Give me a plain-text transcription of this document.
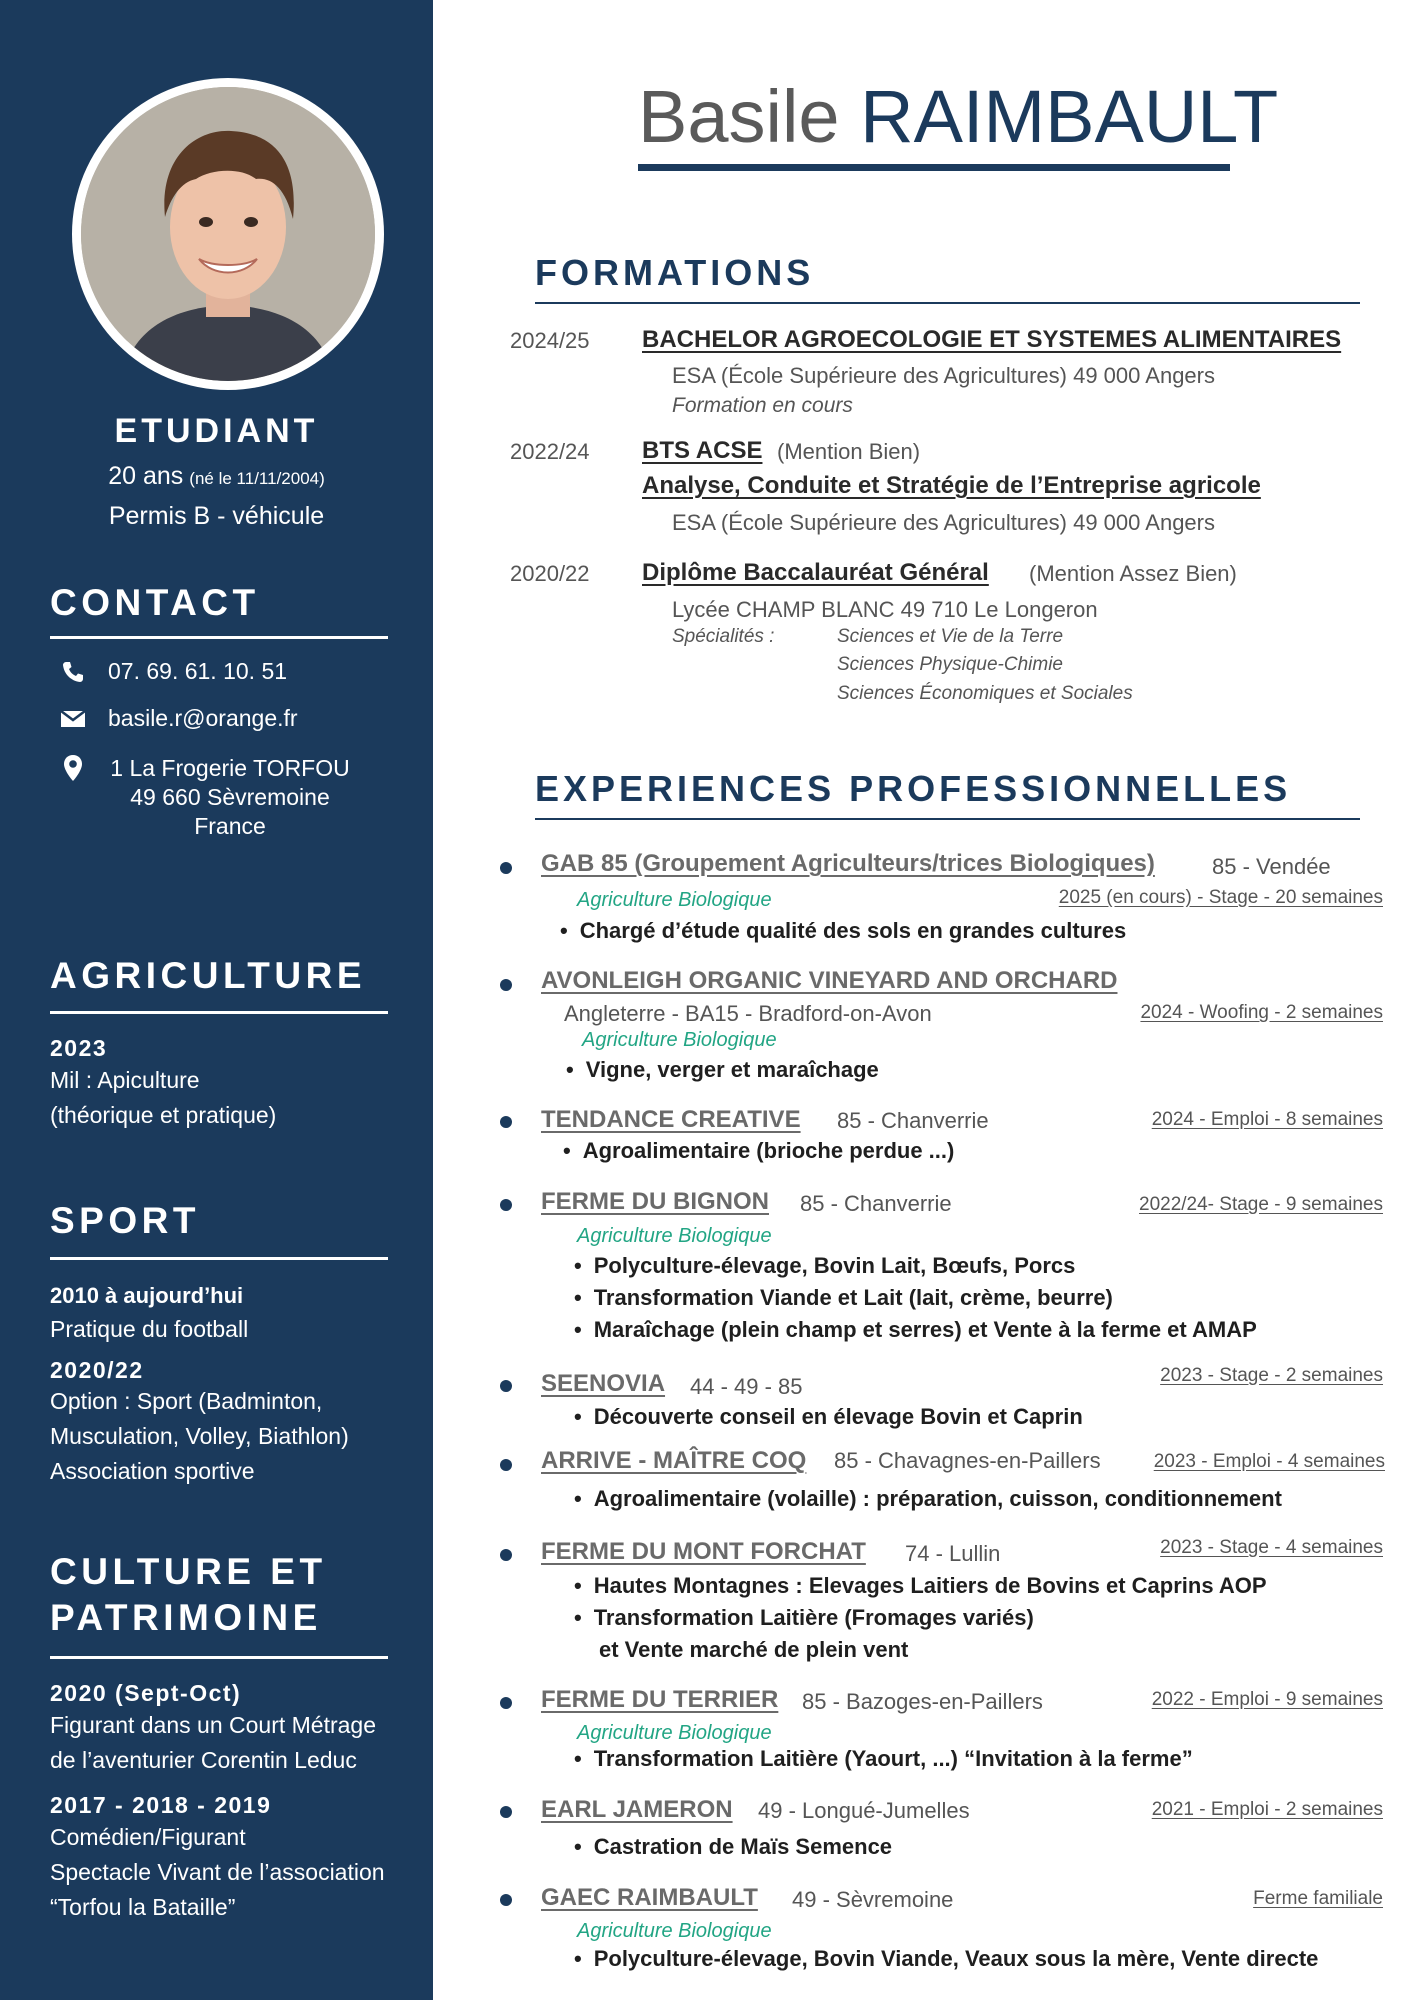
ETUDIANT
20 ans (né le 11/11/2004)
Permis B - véhicule
CONTACT
07. 69. 61. 10. 51
basile.r@orange.fr
1 La Frogerie TORFOU
49 660 Sèvremoine
France
AGRICULTURE
2023
Mil : Apiculture
(théorique et pratique)
SPORT
2010 à aujourd’hui
Pratique du football
2020/22
Option : Sport (Badminton,
Musculation, Volley, Biathlon)
Association sportive
CULTURE ET
PATRIMOINE
2020 (Sept-Oct)
Figurant dans un Court Métrage
de l’aventurier Corentin Leduc
2017 - 2018 - 2019
Comédien/Figurant
Spectacle Vivant de l’association
“Torfou la Bataille”
Basile RAIMBAULT
FORMATIONS
2024/25 BACHELOR AGROECOLOGIE ET SYSTEMES ALIMENTAIRES
ESA (École Supérieure des Agricultures) 49 000 Angers
Formation en cours
2022/24 BTS ACSE (Mention Bien)
Analyse, Conduite et Stratégie de l’Entreprise agricole
ESA (École Supérieure des Agricultures) 49 000 Angers
2020/22 Diplôme Baccalauréat Général (Mention Assez Bien)
Lycée CHAMP BLANC 49 710 Le Longeron
Spécialités :	Sciences et Vie de la Terre
Sciences Physique-Chimie
Sciences Économiques et Sociales
EXPERIENCES PROFESSIONNELLES
GAB 85 (Groupement Agriculteurs/trices Biologiques)	85 - Vendée
Agriculture Biologique	2025 (en cours) - Stage - 20 semaines
• Chargé d’étude qualité des sols en grandes cultures
AVONLEIGH ORGANIC VINEYARD AND ORCHARD
Angleterre - BA15 - Bradford-on-Avon	2024 - Woofing - 2 semaines
Agriculture Biologique
• Vigne, verger et maraîchage
TENDANCE CREATIVE 85 - Chanverrie	2024 - Emploi - 8 semaines
• Agroalimentaire (brioche perdue ...)
FERME DU BIGNON 85 - Chanverrie	2022/24- Stage - 9 semaines
Agriculture Biologique
• Polyculture-élevage, Bovin Lait, Bœufs, Porcs
• Transformation Viande et Lait (lait, crème, beurre)
• Maraîchage (plein champ et serres) et Vente à la ferme et AMAP
SEENOVIA 44 - 49 - 85	2023 - Stage - 2 semaines
• Découverte conseil en élevage Bovin et Caprin
ARRIVE - MAÎTRE COQ 85 - Chavagnes-en-Paillers	2023 - Emploi - 4 semaines
• Agroalimentaire (volaille) : préparation, cuisson, conditionnement
FERME DU MONT FORCHAT 74 - Lullin	2023 - Stage - 4 semaines
• Hautes Montagnes : Elevages Laitiers de Bovins et Caprins AOP
• Transformation Laitière (Fromages variés)
et Vente marché de plein vent
FERME DU TERRIER 85 - Bazoges-en-Paillers	2022 - Emploi - 9 semaines
Agriculture Biologique
• Transformation Laitière (Yaourt, ...) “Invitation à la ferme”
EARL JAMERON 49 - Longué-Jumelles	2021 - Emploi - 2 semaines
• Castration de Maïs Semence
GAEC RAIMBAULT 49 - Sèvremoine	Ferme familiale
Agriculture Biologique
• Polyculture-élevage, Bovin Viande, Veaux sous la mère, Vente directe
